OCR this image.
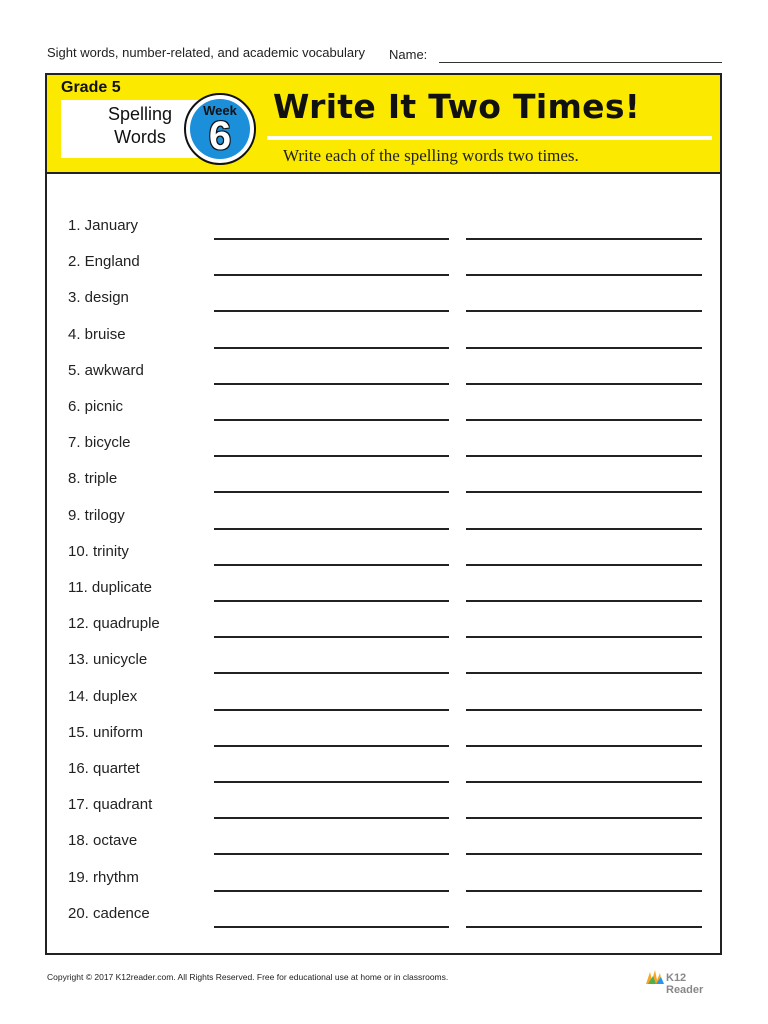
Sight words, number-related, and academic vocabulary Name:
Grade 5
Spelling
Words
Week
6
Write It Two Times!
Write each of the spelling words two times.
1. January
2. England
3. design
4. bruise
5. awkward
6. picnic
7. bicycle
8. triple
9. trilogy
10. trinity
11. duplicate
12. quadruple
13. unicycle
14. duplex
15. uniform
16. quartet
17. quadrant
18. octave
19. rhythm
20. cadence
Copyright © 2017 K12reader.com. All Rights Reserved. Free for educational use at home or in classrooms.	K12 Reader
